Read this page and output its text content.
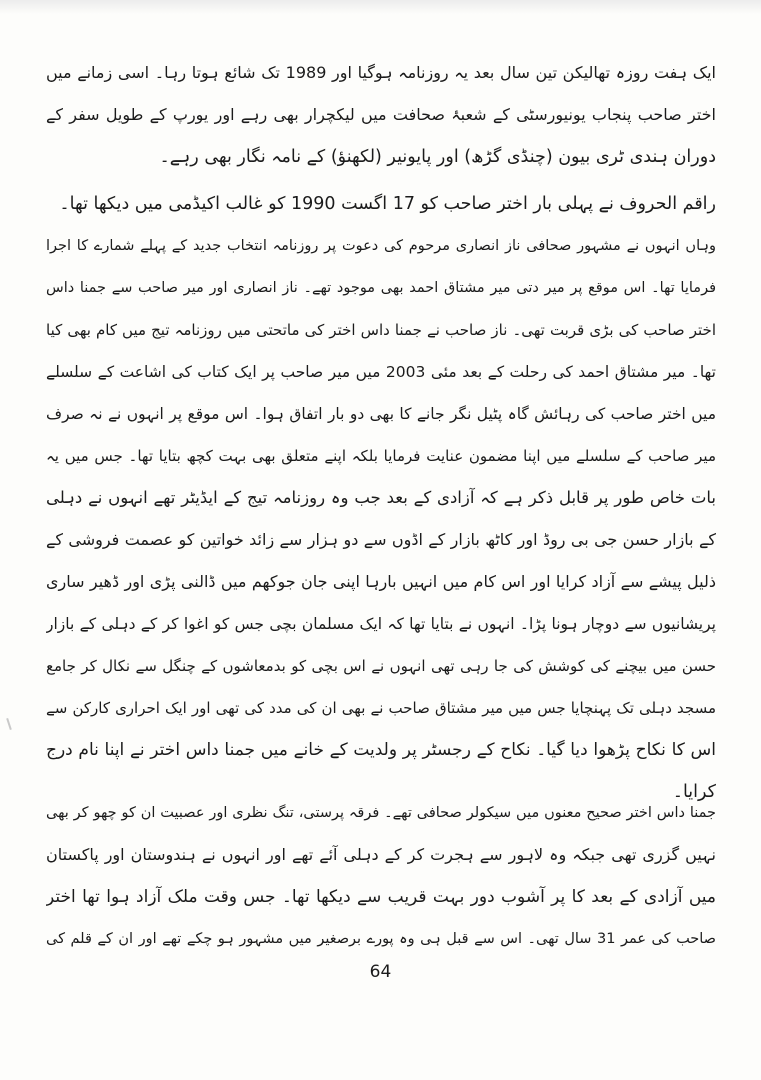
ایک ہفت روزہ تھالیکن تین سال بعد یہ روزنامہ ہوگیا اور 1989 تک شائع ہوتا رہا۔ اسی زمانے میں
اختر صاحب پنجاب یونیورسٹی کے شعبۂ صحافت میں لیکچرار بھی رہے اور یورپ کے طویل سفر کے
دوران ہندی ٹری بیون (چنڈی گڑھ) اور پایونیر (لکھنؤ) کے نامہ نگار بھی رہے۔
راقم الحروف نے پہلی بار اختر صاحب کو 17 اگست 1990 کو غالب اکیڈمی میں دیکھا تھا۔
وہاں انہوں نے مشہور صحافی ناز انصاری مرحوم کی دعوت پر روزنامہ انتخاب جدید کے پہلے شمارے کا اجرا
فرمایا تھا۔ اس موقع پر میر دتی میر مشتاق احمد بھی موجود تھے۔ ناز انصاری اور میر صاحب سے جمنا داس
اختر صاحب کی بڑی قربت تھی۔ ناز صاحب نے جمنا داس اختر کی ماتحتی میں روزنامہ تیج میں کام بھی کیا
تھا۔ میر مشتاق احمد کی رحلت کے بعد مئی 2003 میں میر صاحب پر ایک کتاب کی اشاعت کے سلسلے
میں اختر صاحب کی رہائش گاہ پٹیل نگر جانے کا بھی دو بار اتفاق ہوا۔ اس موقع پر انہوں نے نہ صرف
میر صاحب کے سلسلے میں اپنا مضمون عنایت فرمایا بلکہ اپنے متعلق بھی بہت کچھ بتایا تھا۔ جس میں یہ
بات خاص طور پر قابل ذکر ہے کہ آزادی کے بعد جب وہ روزنامہ تیج کے ایڈیٹر تھے انہوں نے دہلی
کے بازار حسن جی بی روڈ اور کاٹھ بازار کے اڈوں سے دو ہزار سے زائد خواتین کو عصمت فروشی کے
ذلیل پیشے سے آزاد کرایا اور اس کام میں انہیں بارہا اپنی جان جوکھم میں ڈالنی پڑی اور ڈھیر ساری
پریشانیوں سے دوچار ہونا پڑا۔ انہوں نے بتایا تھا کہ ایک مسلمان بچی جس کو اغوا کر کے دہلی کے بازار
حسن میں بیچنے کی کوشش کی جا رہی تھی انہوں نے اس بچی کو بدمعاشوں کے چنگل سے نکال کر جامع
مسجد دہلی تک پہنچایا جس میں میر مشتاق صاحب نے بھی ان کی مدد کی تھی اور ایک احراری کارکن سے
اس کا نکاح پڑھوا دیا گیا۔ نکاح کے رجسٹر پر ولدیت کے خانے میں جمنا داس اختر نے اپنا نام درج
کرایا۔
جمنا داس اختر صحیح معنوں میں سیکولر صحافی تھے۔ فرقہ پرستی، تنگ نظری اور عصبیت ان کو چھو کر بھی
نہیں گزری تھی جبکہ وہ لاہور سے ہجرت کر کے دہلی آئے تھے اور انہوں نے ہندوستان اور پاکستان
میں آزادی کے بعد کا پر آشوب دور بہت قریب سے دیکھا تھا۔ جس وقت ملک آزاد ہوا تھا اختر
صاحب کی عمر 31 سال تھی۔ اس سے قبل ہی وہ پورے برصغیر میں مشہور ہو چکے تھے اور ان کے قلم کی
64
